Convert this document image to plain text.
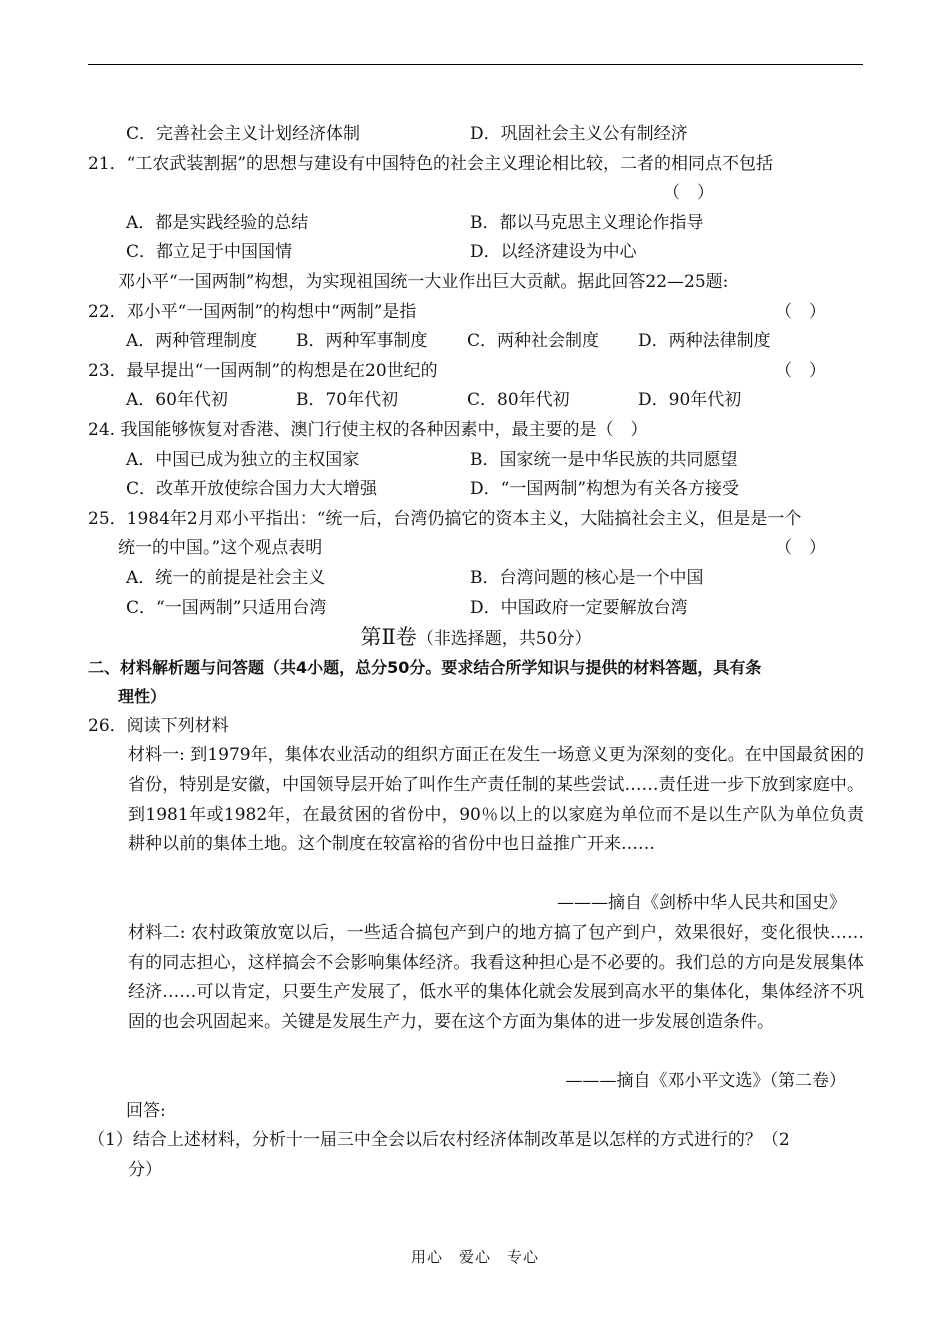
C．完善社会主义计划经济体制	D．巩固社会主义公有制经济
21．“工农武装割据”的思想与建设有中国特色的社会主义理论相比较，二者的相同点不包括
（　）
A．都是实践经验的总结	B．都以马克思主义理论作指导
C．都立足于中国国情	D．以经济建设为中心
邓小平“一国两制”构想，为实现祖国统一大业作出巨大贡献。据此回答22—25题:
22．邓小平“一国两制”的构想中“两制”是指	（　）
A．两种管理制度 B．两种军事制度 C．两种社会制度 D．两种法律制度
23．最早提出“一国两制”的构想是在20世纪的	（　）
A．60年代初	B．70年代初	C．80年代初	D．90年代初
24. 我国能够恢复对香港、澳门行使主权的各种因素中，最主要的是（　）
A．中国已成为独立的主权国家	B．国家统一是中华民族的共同愿望
C．改革开放使综合国力大大增强	D．“一国两制”构想为有关各方接受
25．1984年2月邓小平指出：“统一后，台湾仍搞它的资本主义，大陆搞社会主义，但是是一个
统一的中国。”这个观点表明	（　）
A．统一的前提是社会主义	B．台湾问题的核心是一个中国
C．“一国两制”只适用台湾	D．中国政府一定要解放台湾
第Ⅱ卷（非选择题，共50分）
二、材料解析题与问答题（共4小题，总分50分。要求结合所学知识与提供的材料答题，具有条
理性）
26．阅读下列材料
材料一: 到1979年，集体农业活动的组织方面正在发生一场意义更为深刻的变化。在中国最贫困的省份，特别是安徽，中国领导层开始了叫作生产责任制的某些尝试……责任进一步下放到家庭中。到1981年或1982年，在最贫困的省份中，90％以上的以家庭为单位而不是以生产队为单位负责耕种以前的集体土地。这个制度在较富裕的省份中也日益推广开来……
———摘自《剑桥中华人民共和国史》
材料二: 农村政策放宽以后，一些适合搞包产到户的地方搞了包产到户，效果很好，变化很快……有的同志担心，这样搞会不会影响集体经济。我看这种担心是不必要的。我们总的方向是发展集体经济……可以肯定，只要生产发展了，低水平的集体化就会发展到高水平的集体化，集体经济不巩固的也会巩固起来。关键是发展生产力，要在这个方面为集体的进一步发展创造条件。
———摘自《邓小平文选》（第二卷）
回答:
（1）结合上述材料，分析十一届三中全会以后农村经济体制改革是以怎样的方式进行的？（2
分）
用心　爱心　专心
